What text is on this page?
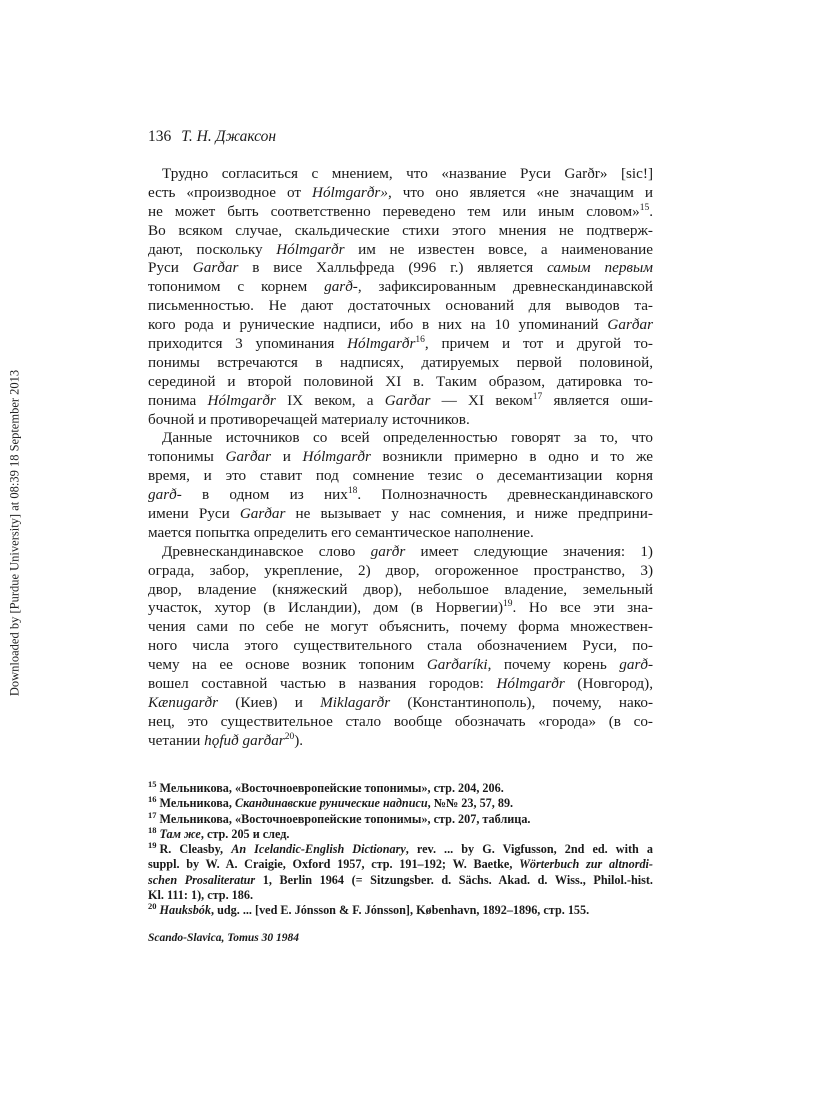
Downloaded by [Purdue University] at 08:39 18 September 2013
136 Т. Н. Джаксон
Трудно согласиться с мнением, что «название Руси Garðr» [sic!]
есть «производное от Hólmgarðr», что оно является «не значащим и
не может быть соответственно переведено тем или иным словом»$^{15}$.
Во всяком случае, скальдические стихи этого мнения не подтверж-
дают, поскольку Hólmgarðr им не известен вовсе, а наименование
Руси Garðar в висе Халльфреда (996 г.) является самым первым
топонимом с корнем garð-, зафиксированным древнескандинавской
письменностью. Не дают достаточных оснований для выводов та-
кого рода и рунические надписи, ибо в них на 10 упоминаний Garðar
приходится 3 упоминания Hólmgarðr$^{16}$, причем и тот и другой то-
понимы встречаются в надписях, датируемых первой половиной,
серединой и второй половиной XI в. Таким образом, датировка то-
понима Hólmgarðr IX веком, а Garðar — XI веком$^{17}$ является оши-
бочной и противоречащей материалу источников.
Данные источников со всей определенностью говорят за то, что
топонимы Garðar и Hólmgarðr возникли примерно в одно и то же
время, и это ставит под сомнение тезис о десемантизации корня
garð- в одном из них$^{18}$. Полнозначность древнескандинавского
имени Руси Garðar не вызывает у нас сомнения, и ниже предприни-
мается попытка определить его семантическое наполнение.
Древнескандинавское слово garðr имеет следующие значения: 1)
ограда, забор, укрепление, 2) двор, огороженное пространство, 3)
двор, владение (княжеский двор), небольшое владение, земельный
участок, хутор (в Исландии), дом (в Норвегии)$^{19}$. Но все эти зна-
чения сами по себе не могут объяснить, почему форма множествен-
ного числа этого существительного стала обозначением Руси, по-
чему на ее основе возник топоним Garðaríki, почему корень garð-
вошел составной частью в названия городов: Hólmgarðr (Новгород),
Kænugarðr (Киев) и Miklagarðr (Константинополь), почему, нако-
нец, это существительное стало вообще обозначать «города» (в со-
четании hǫfuð garðar$^{20}$).
$^{15}$ Мельникова, «Восточноевропейские топонимы», стр. 204, 206.
$^{16}$ Мельникова, Скандинавские рунические надписи, №№ 23, 57, 89.
$^{17}$ Мельникова, «Восточноевропейские топонимы», стр. 207, таблица.
$^{18}$ Там же, стр. 205 и след.
$^{19}$ R. Cleasby, An Icelandic-English Dictionary, rev. ... by G. Vigfusson, 2nd ed. with a
suppl. by W. A. Craigie, Oxford 1957, стр. 191–192; W. Baetke, Wörterbuch zur altnordi-
schen Prosaliteratur 1, Berlin 1964 (= Sitzungsber. d. Sächs. Akad. d. Wiss., Philol.-hist.
Kl. 111: 1), стр. 186.
$^{20}$ Hauksbók, udg. ... [ved E. Jónsson & F. Jónsson], København, 1892–1896, стр. 155.
Scando-Slavica, Tomus 30 1984
